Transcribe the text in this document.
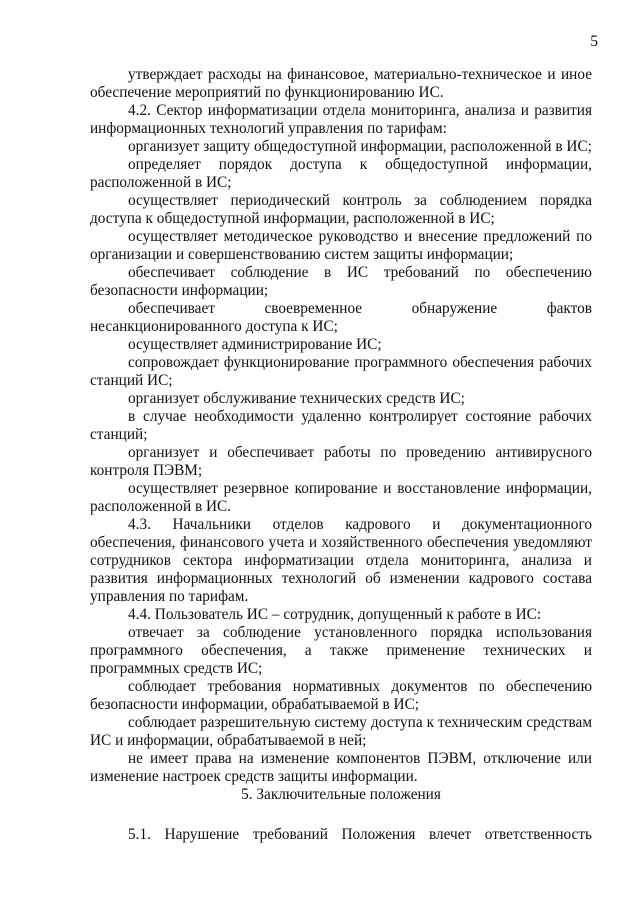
5

утверждает расходы на финансовое, материально-техническое и иное обеспечение мероприятий по функционированию ИС.

4.2. Сектор информатизации отдела мониторинга, анализа и развития информационных технологий управления по тарифам:

организует защиту общедоступной информации, расположенной в ИС;

определяет порядок доступа к общедоступной информации, расположенной в ИС;

осуществляет периодический контроль за соблюдением порядка доступа к общедоступной информации, расположенной в ИС;

осуществляет методическое руководство и внесение предложений по организации и совершенствованию систем защиты информации;

обеспечивает соблюдение в ИС требований по обеспечению безопасности информации;

обеспечивает своевременное обнаружение фактов несанкционированного доступа к ИС;

осуществляет администрирование ИС;

сопровождает функционирование программного обеспечения рабочих станций ИС;

организует обслуживание технических средств ИС;

в случае необходимости удаленно контролирует состояние рабочих станций;

организует и обеспечивает работы по проведению антивирусного контроля ПЭВМ;

осуществляет резервное копирование и восстановление информации, расположенной в ИС.

4.3. Начальники отделов кадрового и документационного обеспечения, финансового учета и хозяйственного обеспечения уведомляют сотрудников сектора информатизации отдела мониторинга, анализа и развития информационных технологий об изменении кадрового состава управления по тарифам.

4.4. Пользователь ИС – сотрудник, допущенный к работе в ИС:

отвечает за соблюдение установленного порядка использования программного обеспечения, а также применение технических и программных средств ИС;

соблюдает требования нормативных документов по обеспечению безопасности информации, обрабатываемой в ИС;

соблюдает разрешительную систему доступа к техническим средствам ИС и информации, обрабатываемой в ней;

не имеет права на изменение компонентов ПЭВМ, отключение или изменение настроек средств защиты информации.

5. Заключительные положения

5.1. Нарушение требований Положения влечет ответственность
